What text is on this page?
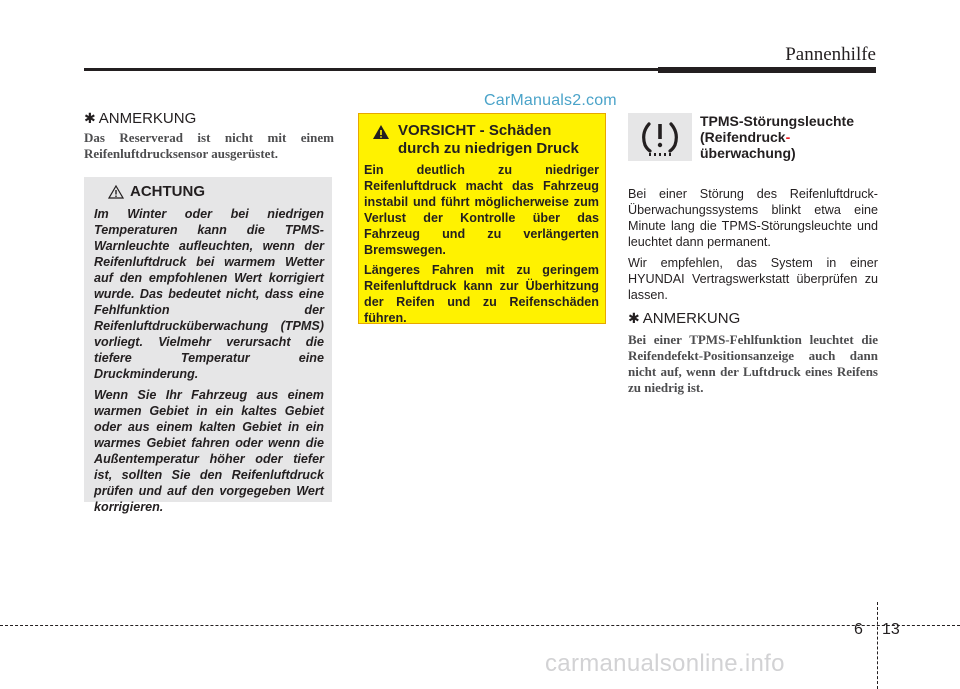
Pannenhilfe
CarManuals2.com
✱ ANMERKUNG
Das Reserverad ist nicht mit einem
Reifenluftdrucksensor ausgerüstet.
ACHTUNG

Im Winter oder bei niedrigen Temperaturen kann die TPMS-Warnleuchte aufleuchten, wenn der Reifenluftdruck bei warmem Wetter auf den empfohlenen Wert korrigiert wurde. Das bedeutet nicht, dass eine Fehlfunktion der Reifenluftdrucküberwachung (TPMS) vorliegt. Vielmehr verursacht die tiefere Temperatur eine Druckminderung.

Wenn Sie Ihr Fahrzeug aus einem warmen Gebiet in ein kaltes Gebiet oder aus einem kalten Gebiet in ein warmes Gebiet fahren oder wenn die Außentemperatur höher oder tiefer ist, sollten Sie den Reifenluftdruck prüfen und auf den vorgegeben Wert korrigieren.

VORSICHT - Schäden
durch zu niedrigen Druck

Ein deutlich zu niedriger Reifenluftdruck macht das Fahrzeug instabil und führt möglicherweise zum Verlust der Kontrolle über das Fahrzeug und zu verlängerten Bremswegen.

Längeres Fahren mit zu geringem Reifenluftdruck kann zur Überhitzung der Reifen und zu Reifenschäden führen.

TPMS-Störungsleuchte
(Reifendruck-
überwachung)

Bei einer Störung des Reifenluftdruck-Überwachungssystems blinkt etwa eine Minute lang die TPMS-Störungsleuchte und leuchtet dann permanent.

Wir empfehlen, das System in einer HYUNDAI Vertragswerkstatt überprüfen zu lassen.

✱ ANMERKUNG
Bei einer TPMS-Fehlfunktion leuchtet die Reifendefekt-Positionsanzeige auch dann nicht auf, wenn der Luftdruck eines Reifens zu niedrig ist.
6 13
carmanualsonline.info
